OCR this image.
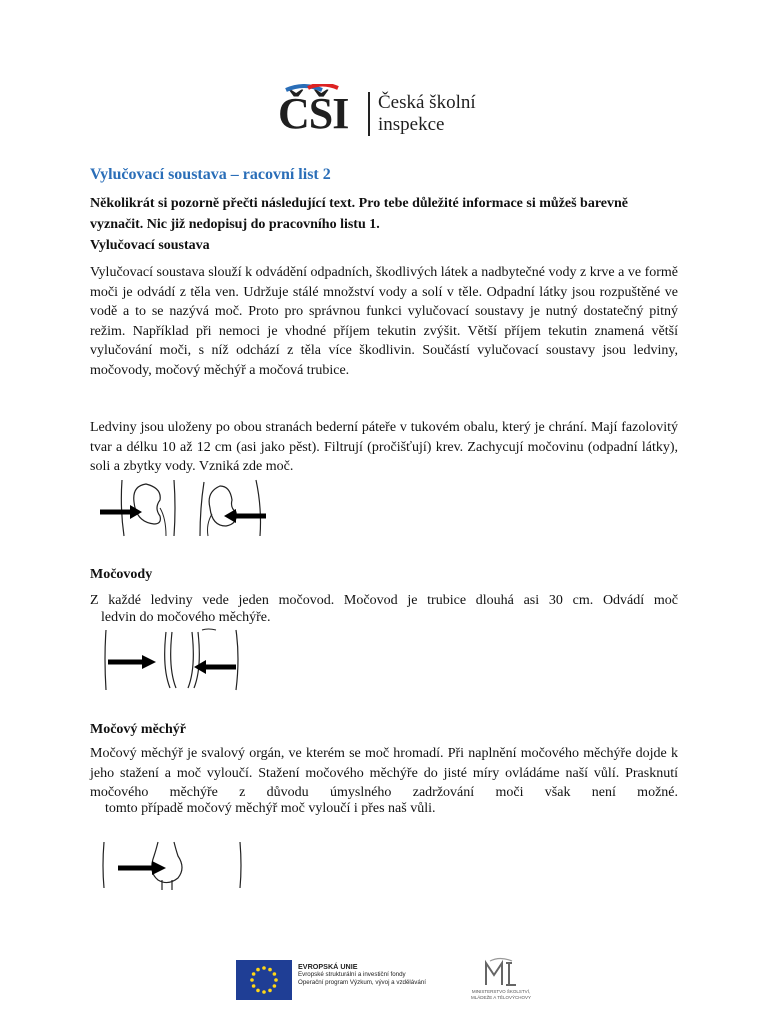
ČŠI Česká školní
inspekce
Vylučovací soustava – racovní list 2
Několikrát si pozorně přečti následující text. Pro tebe důležité informace si můžeš barevně vyznačit. Nic již nedopisuj do pracovního listu 1.
Vylučovací soustava
Vylučovací soustava slouží k odvádění odpadních, škodlivých látek a nadbytečné vody z krve a ve formě moči je odvádí z těla ven. Udržuje stálé množství vody a solí v těle. Odpadní látky jsou rozpuštěné ve vodě a to se nazývá moč. Proto pro správnou funkci vylučovací soustavy je nutný dostatečný pitný režim. Například při nemoci je vhodné příjem tekutin zvýšit. Větší příjem tekutin znamená větší vylučování moči, s níž odchází z těla více škodlivin. Součástí vylučovací soustavy jsou ledviny, močovody, močový měchýř a močová trubice.
Ledviny jsou uloženy po obou stranách bederní páteře v tukovém obalu, který je chrání. Mají fazolovitý tvar a délku 10 až 12 cm (asi jako pěst). Filtrují (pročišťují) krev. Zachycují močovinu (odpadní látky), soli a zbytky vody. Vzniká zde moč.
Močovody
Z každé ledviny vede jeden močovod. Močovod je trubice dlouhá asi 30 cm. Odvádí moč
ledvin do močového měchýře.
Močový měchýř
Močový měchýř je svalový orgán, ve kterém se moč hromadí. Při naplnění močového měchýře dojde k jeho stažení a moč vyloučí. Stažení močového měchýře do jisté míry ovládáme naší vůlí. Prasknutí močového měchýře z důvodu úmyslného zadržování moči však není možné.
tomto případě močový měchýř moč vyloučí i přes naš vůli.
EVROPSKÁ UNIE
Evropské strukturální a investiční fondy
Operační program Výzkum, vývoj a vzdělávání
MINISTERSTVO ŠKOLSTVÍ,
MLÁDEŽE A TĚLOVÝCHOVY
